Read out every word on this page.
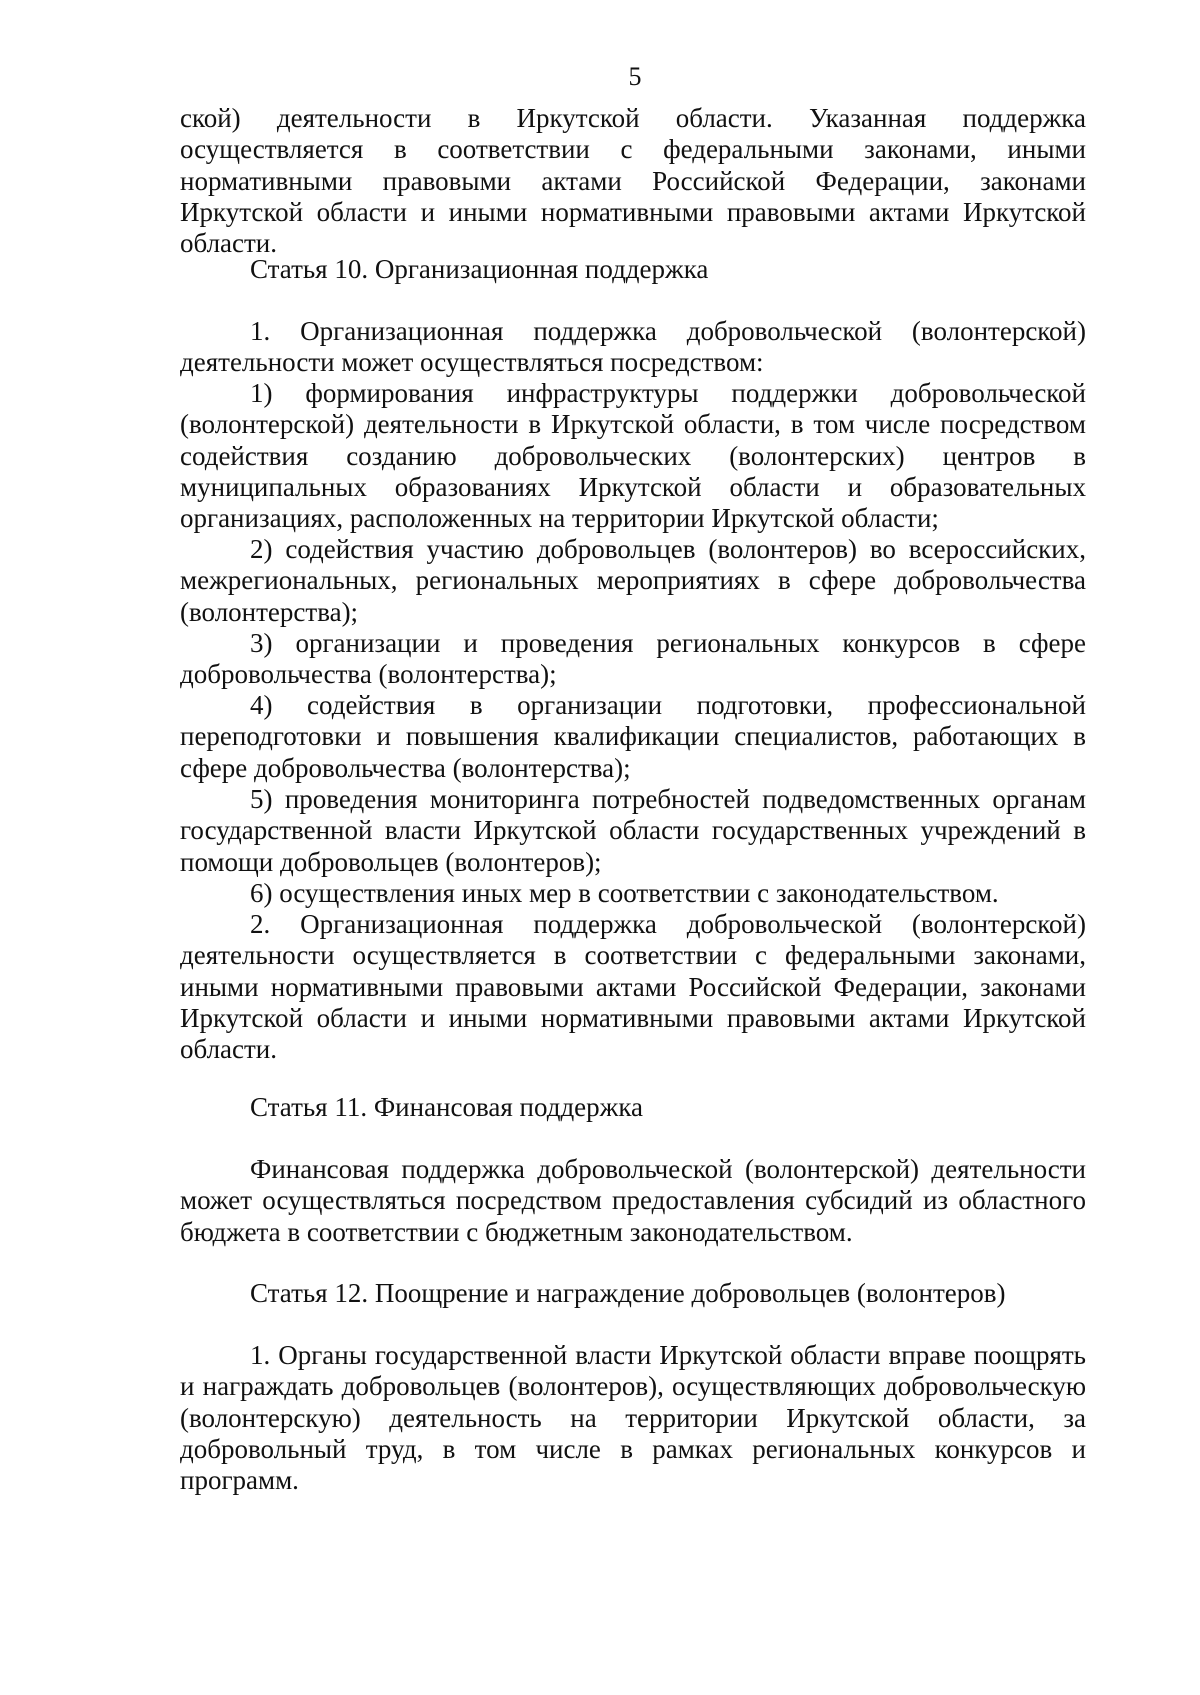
5

ской) деятельности в Иркутской области. Указанная поддержка осуществляется в соответствии с федеральными законами, иными нормативными правовыми актами Российской Федерации, законами Иркутской области и иными нормативными правовыми актами Иркутской области.

Статья 10. Организационная поддержка

1. Организационная поддержка добровольческой (волонтерской) деятельности может осуществляться посредством:

1) формирования инфраструктуры поддержки добровольческой (волонтерской) деятельности в Иркутской области, в том числе посредством содействия созданию добровольческих (волонтерских) центров в муниципальных образованиях Иркутской области и образовательных организациях, расположенных на территории Иркутской области;

2) содействия участию добровольцев (волонтеров) во всероссийских, межрегиональных, региональных мероприятиях в сфере добровольчества (волонтерства);

3) организации и проведения региональных конкурсов в сфере добровольчества (волонтерства);

4) содействия в организации подготовки, профессиональной переподготовки и повышения квалификации специалистов, работающих в сфере добровольчества (волонтерства);

5) проведения мониторинга потребностей подведомственных органам государственной власти Иркутской области государственных учреждений в помощи добровольцев (волонтеров);

6) осуществления иных мер в соответствии с законодательством.

2. Организационная поддержка добровольческой (волонтерской) деятельности осуществляется в соответствии с федеральными законами, иными нормативными правовыми актами Российской Федерации, законами Иркутской области и иными нормативными правовыми актами Иркутской области.

Статья 11. Финансовая поддержка

Финансовая поддержка добровольческой (волонтерской) деятельности может осуществляться посредством предоставления субсидий из областного бюджета в соответствии с бюджетным законодательством.

Статья 12. Поощрение и награждение добровольцев (волонтеров)

1. Органы государственной власти Иркутской области вправе поощрять и награждать добровольцев (волонтеров), осуществляющих добровольческую (волонтерскую) деятельность на территории Иркутской области, за добровольный труд, в том числе в рамках региональных конкурсов и программ.
